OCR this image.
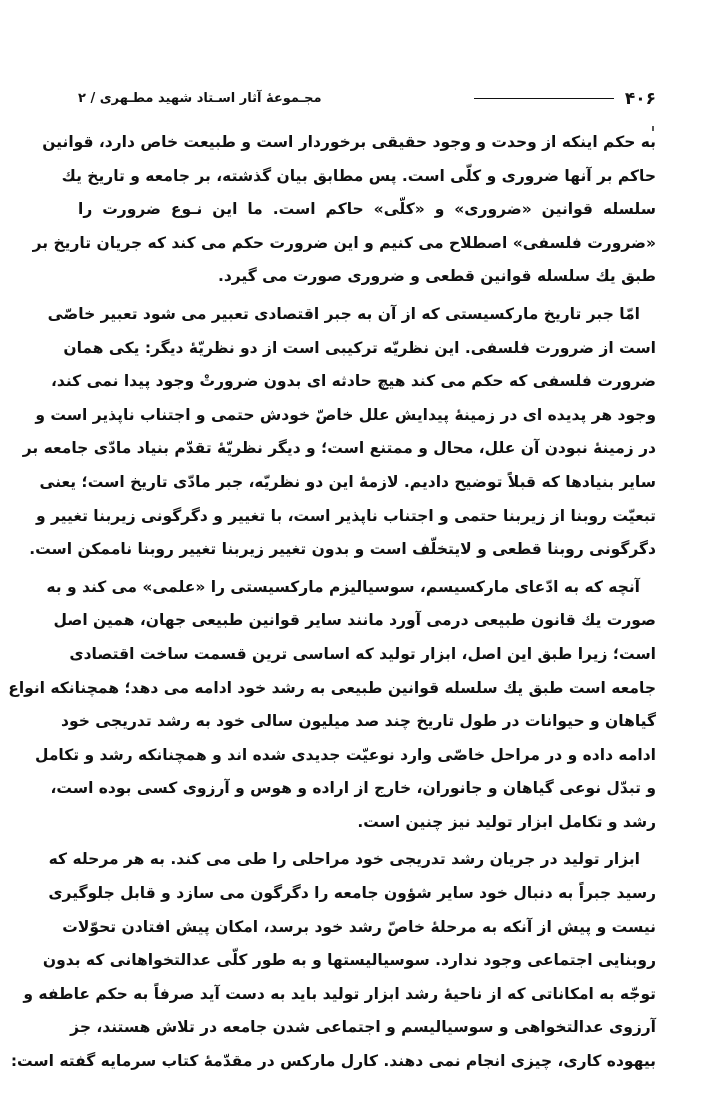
۴۰۶
مجـموعهٔ آثار اسـتاد شهید مطـهری / ۲
به حکم اینکه از وحدت و وجود حقیقی برخوردار است و طبیعت خاص دارد، قوانین
حاکم بر آنها ضروری و کلّی است. پس مطابق بیان گذشته، بر جامعه و تاریخ یك
سلسله قوانین «ضروری» و «کلّی» حاکم است. ما این نـوع ضرورت را
«ضرورت فلسفی» اصطلاح می کنیم و این ضرورت حکم می کند که جریان تاریخ بر
طبق یك سلسله قوانین قطعی و ضروری صورت می گیرد.
امّا جبر تاریخ مارکسیستی که از آن به جبر اقتصادی تعبیر می شود تعبیر خاصّی
است از ضرورت فلسفی. این نظریّه ترکیبی است از دو نظریّهٔ دیگر: یکی همان
ضرورت فلسفی که حکم می کند هیچ حادثه ای بدون ضرورتْ وجود پیدا نمی کند،
وجود هر پدیده ای در زمینهٔ پیدایش علل خاصّ خودش حتمی و اجتناب ناپذیر است و
در زمینهٔ نبودن آن علل، محال و ممتنع است؛ و دیگر نظریّهٔ تقدّم بنیاد مادّی جامعه بر
سایر بنیادها که قبلاً توضیح دادیم. لازمهٔ این دو نظریّه، جبر مادّی تاریخ است؛ یعنی
تبعیّت روبنا از زیربنا حتمی و اجتناب ناپذیر است، با تغییر و دگرگونی زیربنا تغییر و
دگرگونی روبنا قطعی و لایتخلّف است و بدون تغییر زیربنا تغییر روبنا ناممکن است.
آنچه که به ادّعای مارکسیسم، سوسیالیزم مارکسیستی را «علمی» می کند و به
صورت یك قانون طبیعی درمی آورد مانند سایر قوانین طبیعی جهان، همین اصل
است؛ زیرا طبق این اصل، ابزار تولید که اساسی ترین قسمت ساخت اقتصادی
جامعه است طبق یك سلسله قوانین طبیعی به رشد خود ادامه می دهد؛ همچنانکه انواع
گیاهان و حیوانات در طول تاریخ چند صد میلیون سالی خود به رشد تدریجی خود
ادامه داده و در مراحل خاصّی وارد نوعیّت جدیدی شده اند و همچنانکه رشد و تکامل
و تبدّل نوعی گیاهان و جانوران، خارج از اراده و هوس و آرزوی کسی بوده است،
رشد و تکامل ابزار تولید نیز چنین است.
ابزار تولید در جریان رشد تدریجی خود مراحلی را طی می کند. به هر مرحله که
رسید جبراً به دنبال خود سایر شؤون جامعه را دگرگون می سازد و قابل جلوگیری
نیست و پیش از آنکه به مرحلهٔ خاصّ رشد خود برسد، امکان پیش افتادن تحوّلات
روبنایی اجتماعی وجود ندارد. سوسیالیستها و به طور کلّی عدالتخواهانی که بدون
توجّه به امکاناتی که از ناحیهٔ رشد ابزار تولید باید به دست آید صرفاً به حکم عاطفه و
آرزوی عدالتخواهی و سوسیالیسم و اجتماعی شدن جامعه در تلاش هستند، جز
بیهوده کاری، چیزی انجام نمی دهند. کارل مارکس در مقدّمهٔ کتاب سرمایه گفته است:
